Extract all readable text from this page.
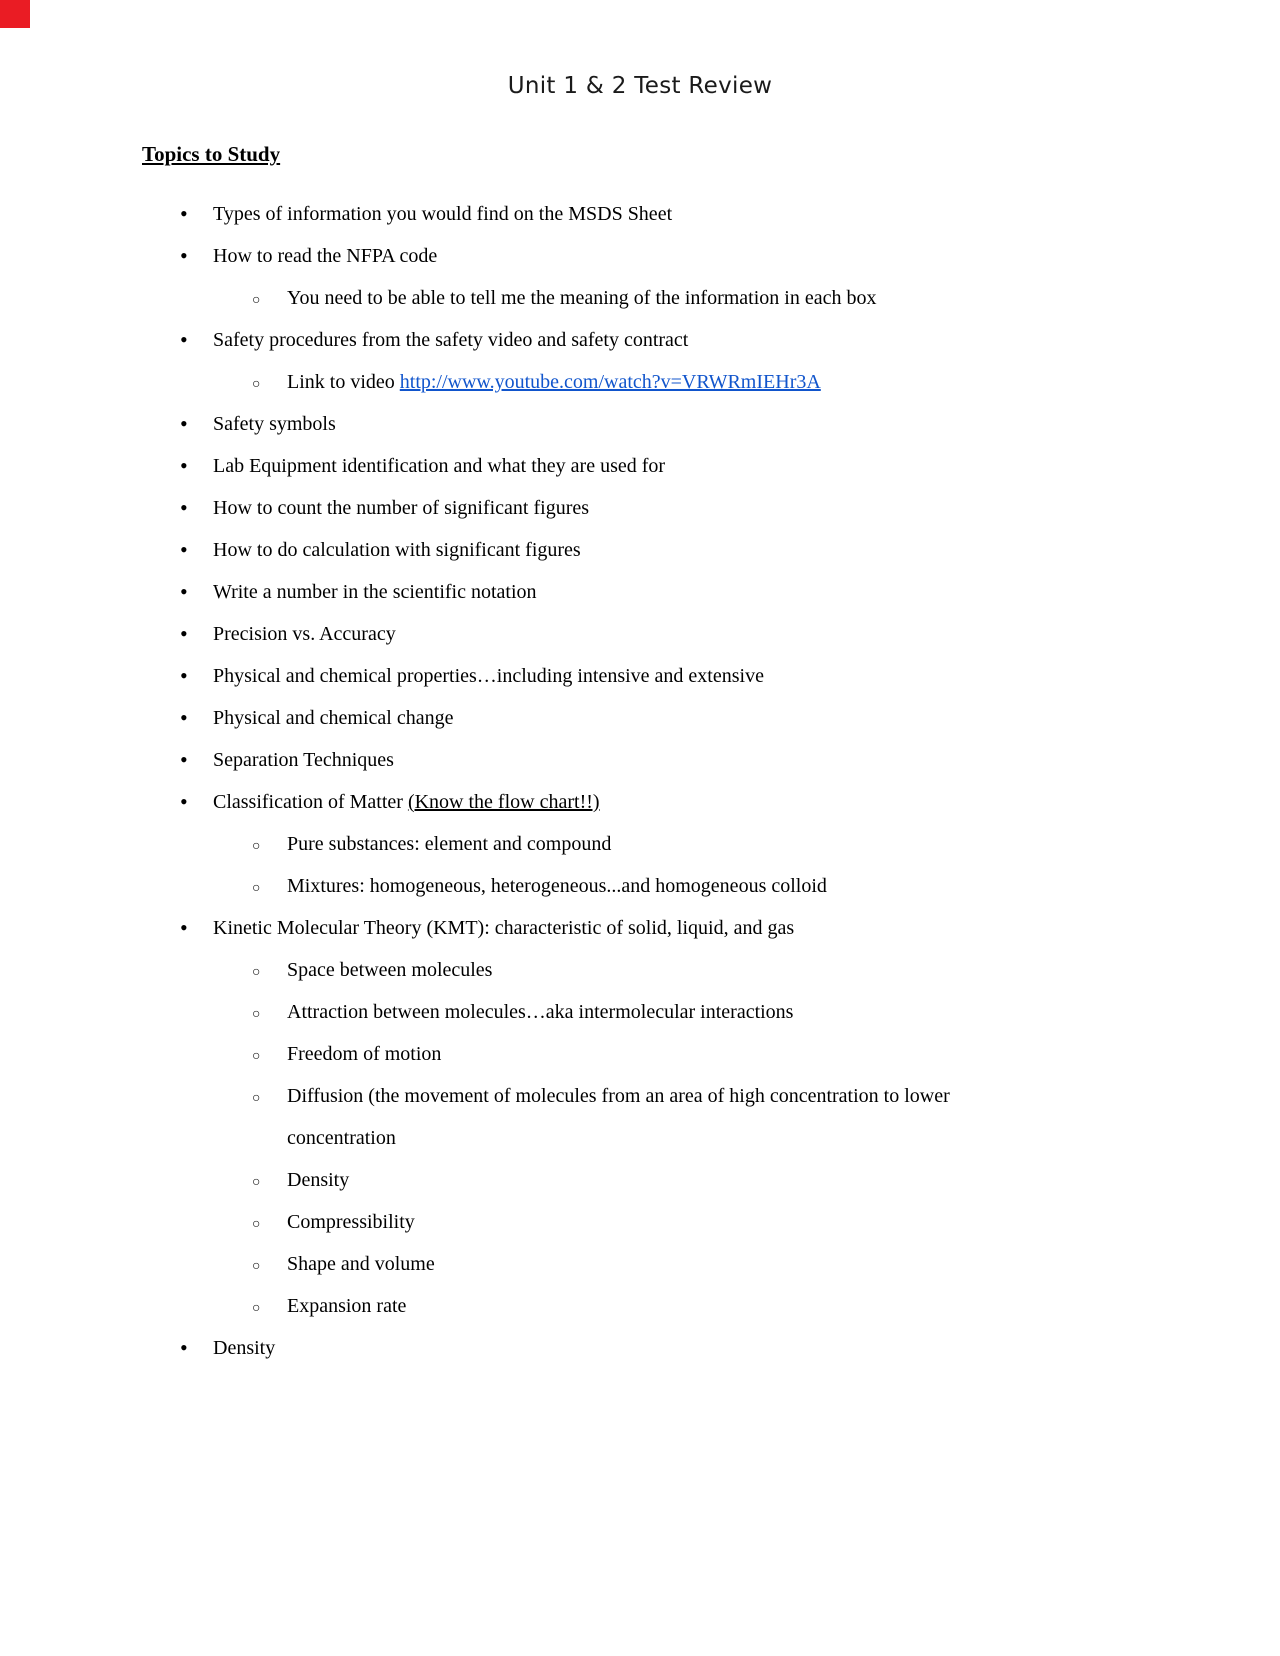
Unit 1 & 2 Test Review
Topics to Study
•
Types of information you would find on the MSDS Sheet
•
How to read the NFPA code
○
You need to be able to tell me the meaning of the information in each box
•
Safety procedures from the safety video and safety contract
○
Link to video http://www.youtube.com/watch?v=VRWRmIEHr3A
•
Safety symbols
•
Lab Equipment identification and what they are used for
•
How to count the number of significant figures
•
How to do calculation with significant figures
•
Write a number in the scientific notation
•
Precision vs. Accuracy
•
Physical and chemical properties…including intensive and extensive
•
Physical and chemical change
•
Separation Techniques
•
Classification of Matter (Know the flow chart!!)
○
Pure substances: element and compound
○
Mixtures: homogeneous, heterogeneous...and homogeneous colloid
•
Kinetic Molecular Theory (KMT): characteristic of solid, liquid, and gas
○
Space between molecules
○
Attraction between molecules…aka intermolecular interactions
○
Freedom of motion
○
Diffusion (the movement of molecules from an area of high concentration to lower concentration
○
Density
○
Compressibility
○
Shape and volume
○
Expansion rate
•
Density
